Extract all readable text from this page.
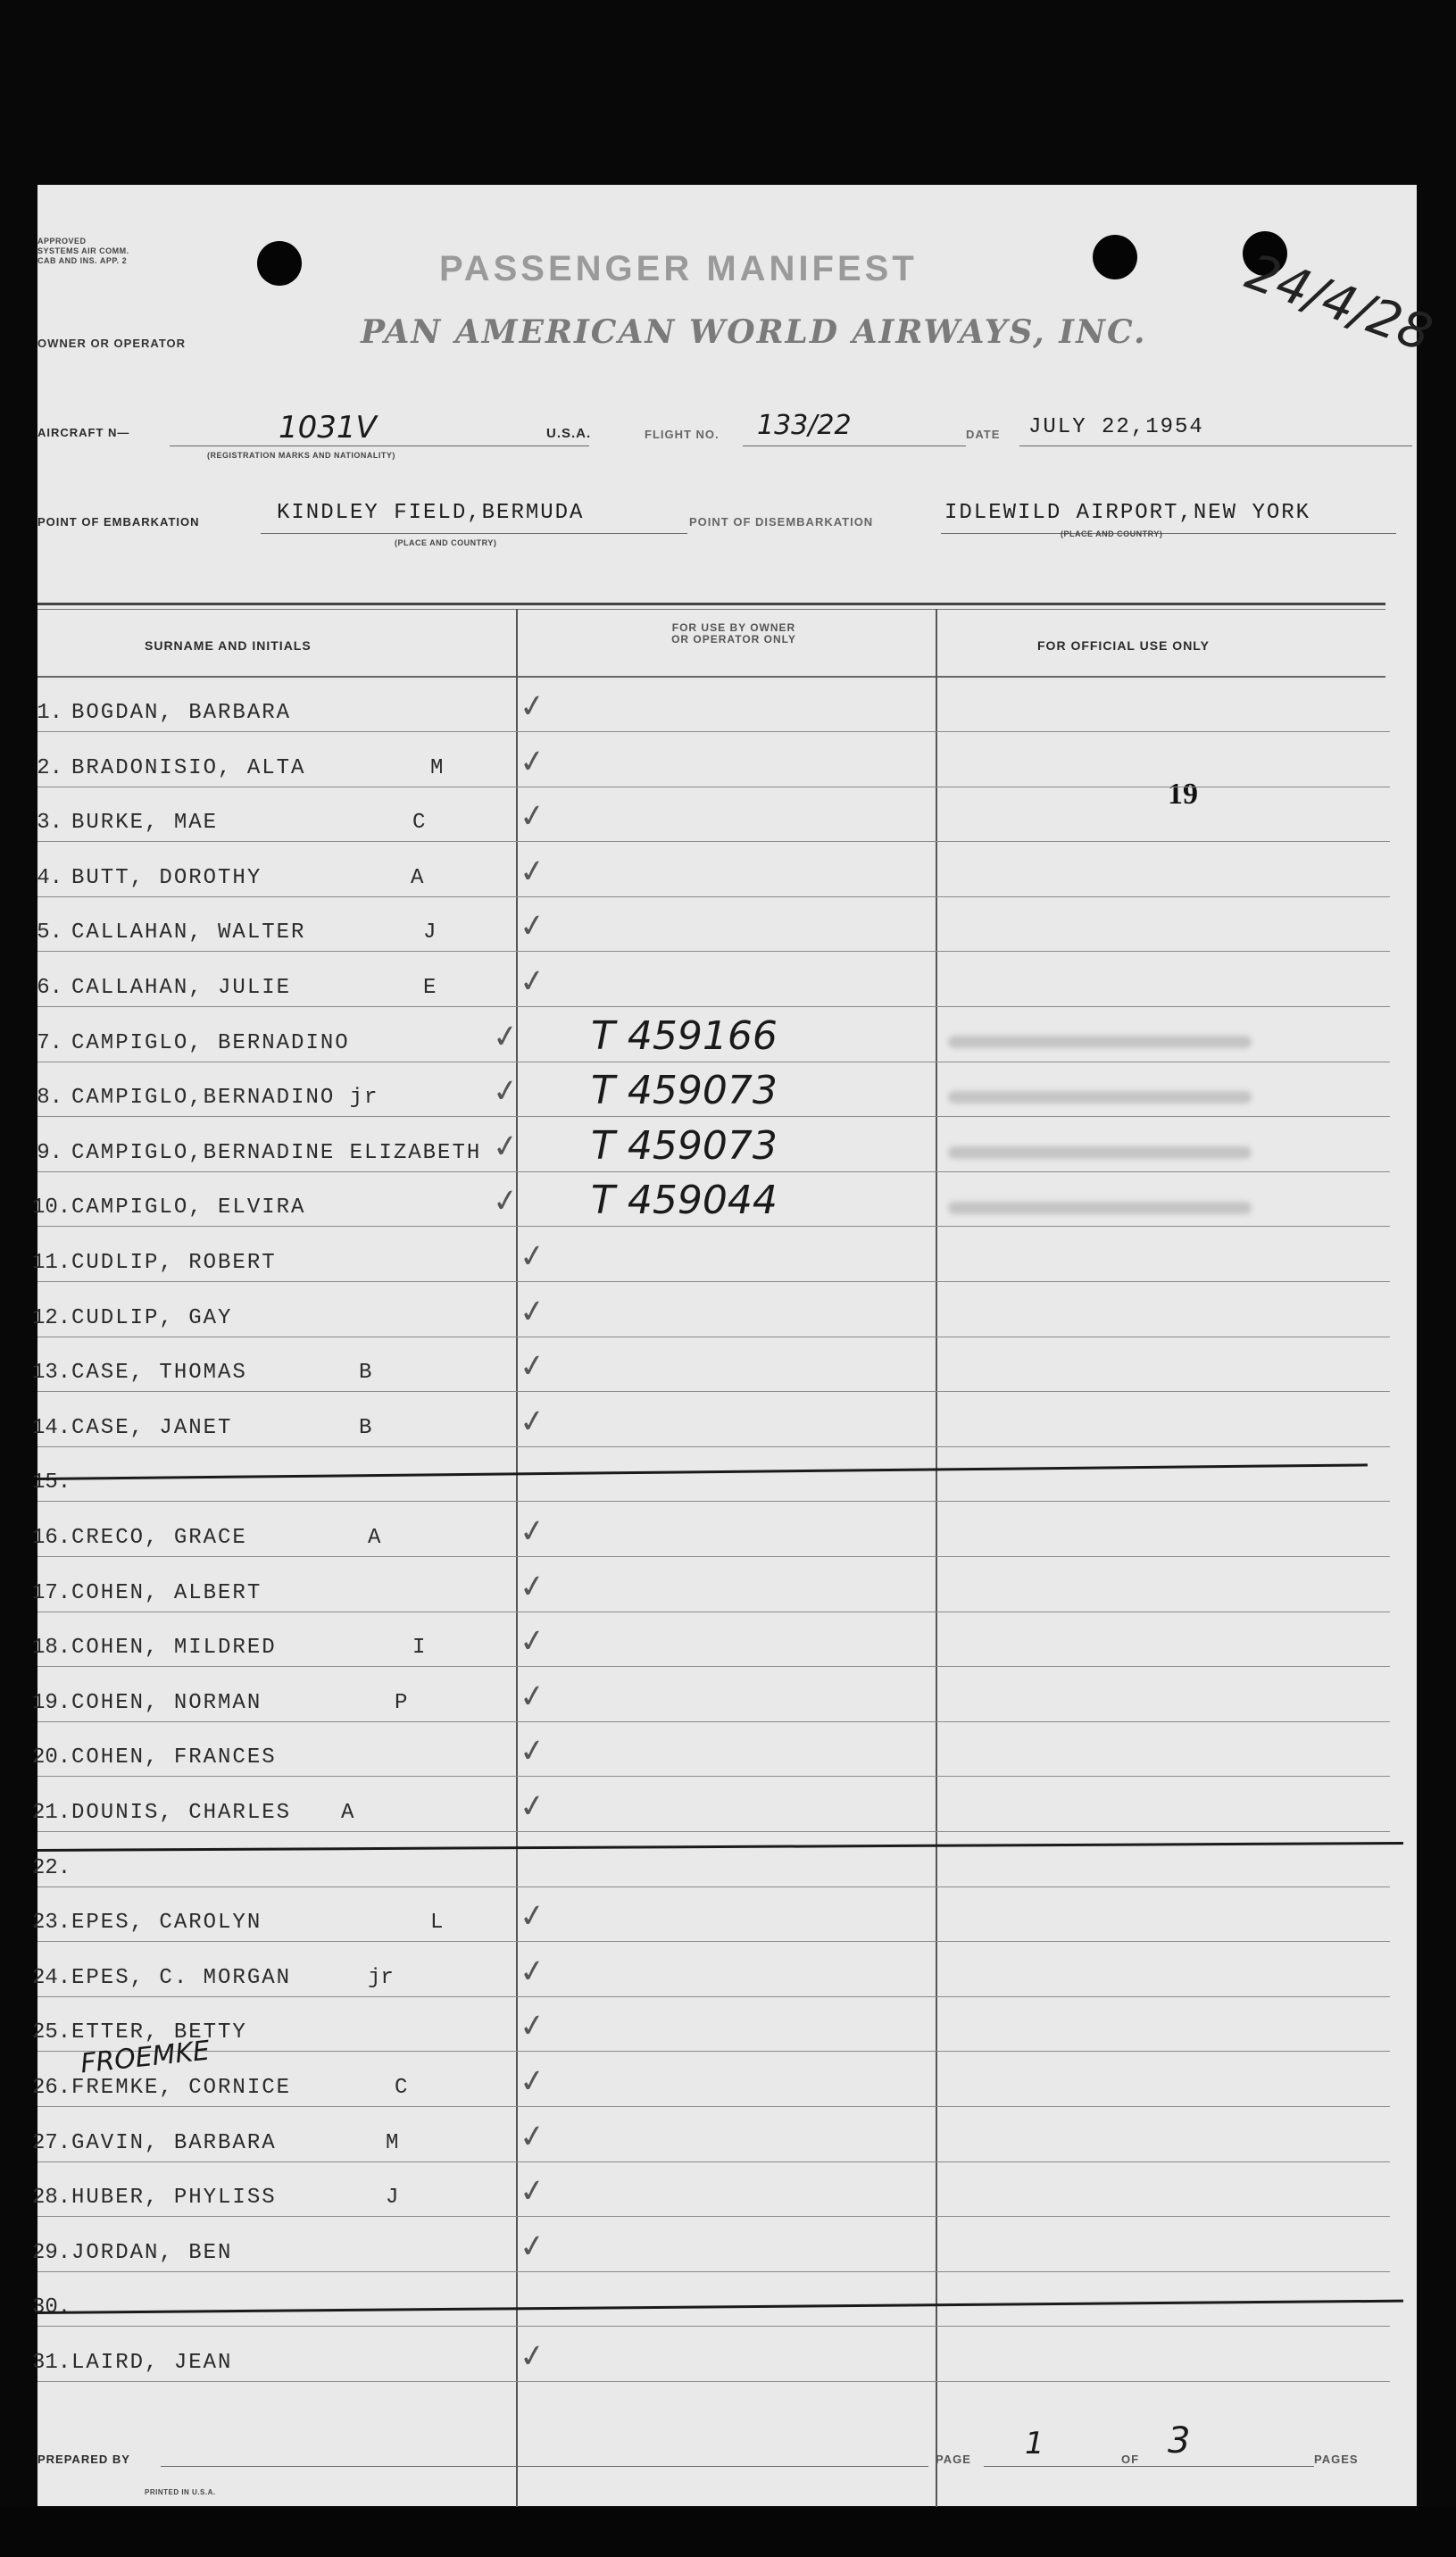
APPROVED
SYSTEMS AIR COMM.
CAB AND INS. APP. 2	PASSENGER MANIFEST
OWNER OR OPERATOR	PAN AMERICAN WORLD AIRWAYS, INC. 24/4/28
AIRCRAFT N—	1031V
(REGISTRATION MARKS AND NATIONALITY)
U.S.A.	FLIGHT NO. 133/22	DATE JULY 22,1954
POINT OF EMBARKATION	KINDLEY FIELD,BERMUDA
(PLACE AND COUNTRY)
POINT OF DISEMBARKATION	IDLEWILD AIRPORT,NEW YORK
(PLACE AND COUNTRY)
SURNAME AND INITIALS
FOR USE BY OWNER
OR OPERATOR ONLY	FOR OFFICIAL USE ONLY
19
1. BOGDAN, BARBARA	✓
2. BRADONISIO, ALTA	M ✓
3. BURKE, MAE	C	✓
4. BUTT, DOROTHY	A	✓
5. CALLAHAN, WALTER	J ✓
6. CALLAHAN, JULIE	E ✓
7. CAMPIGLO, BERNADINO	✓ T 459166
8. CAMPIGLO,BERNADINO jr	✓ T 459073
9. CAMPIGLO,BERNADINE ELIZABETH ✓ T 459073
10. CAMPIGLO, ELVIRA	✓ T 459044
11. CUDLIP, ROBERT	✓
12. CUDLIP, GAY	✓
13. CASE, THOMAS	B	✓
14. CASE, JANET	B	✓
15.
16. CRECO, GRACE	A	✓
17. COHEN, ALBERT	✓
18. COHEN, MILDRED	I	✓
19. COHEN, NORMAN	P	✓
20. COHEN, FRANCES	✓
21. DOUNIS, CHARLES A	✓
22.
23. EPES, CAROLYN	L ✓
24. EPES, C. MORGAN	jr	✓
25. ETTER, BETTY	✓
26. FREMKE, CORNICE	C	✓
27. GAVIN, BARBARA	M	✓
28. HUBER, PHYLISS	J	✓
29. JORDAN, BEN	✓
30.
31. LAIRD, JEAN	✓
FROEMKE
PREPARED BY	PAGE 1	OF 3	PAGES
PRINTED IN U.S.A.
